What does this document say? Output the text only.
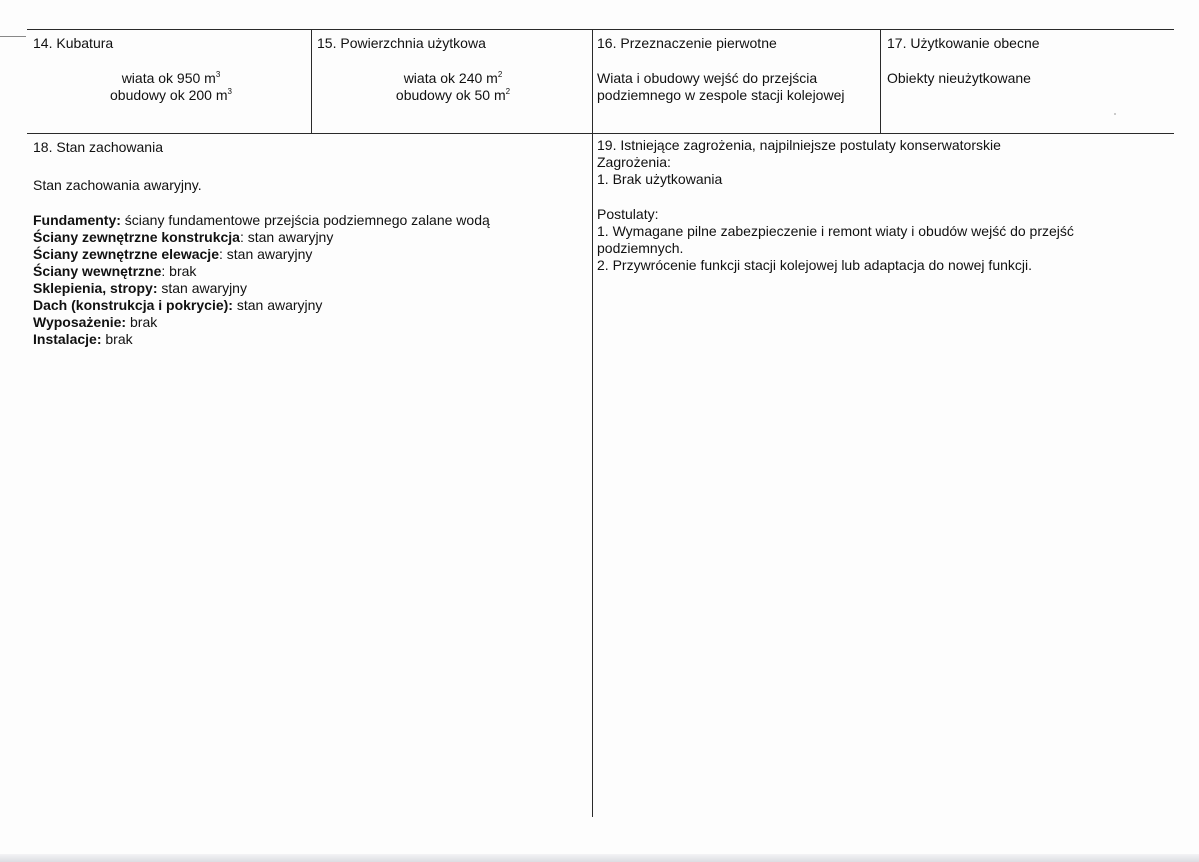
14. Kubatura
wiata ok 950 $m^3$
obudowy ok 200 $m^3$
15. Powierzchnia użytkowa
wiata ok 240 $m^2$
obudowy ok 50 $m^2$
16. Przeznaczenie pierwotne
Wiata i obudowy wejść do przejścia
podziemnego w zespole stacji kolejowej
17. Użytkowanie obecne
Obiekty nieużytkowane
18. Stan zachowania
Stan zachowania awaryjny.
Fundamenty: ściany fundamentowe przejścia podziemnego zalane wodą
Ściany zewnętrzne konstrukcja: stan awaryjny
Ściany zewnętrzne elewacje: stan awaryjny
Ściany wewnętrzne: brak
Sklepienia, stropy: stan awaryjny
Dach (konstrukcja i pokrycie): stan awaryjny
Wyposażenie: brak
Instalacje: brak
19. Istniejące zagrożenia, najpilniejsze postulaty konserwatorskie
Zagrożenia:
1. Brak użytkowania
Postulaty:
1. Wymagane pilne zabezpieczenie i remont wiaty i obudów wejść do przejść
podziemnych.
2. Przywrócenie funkcji stacji kolejowej lub adaptacja do nowej funkcji.
